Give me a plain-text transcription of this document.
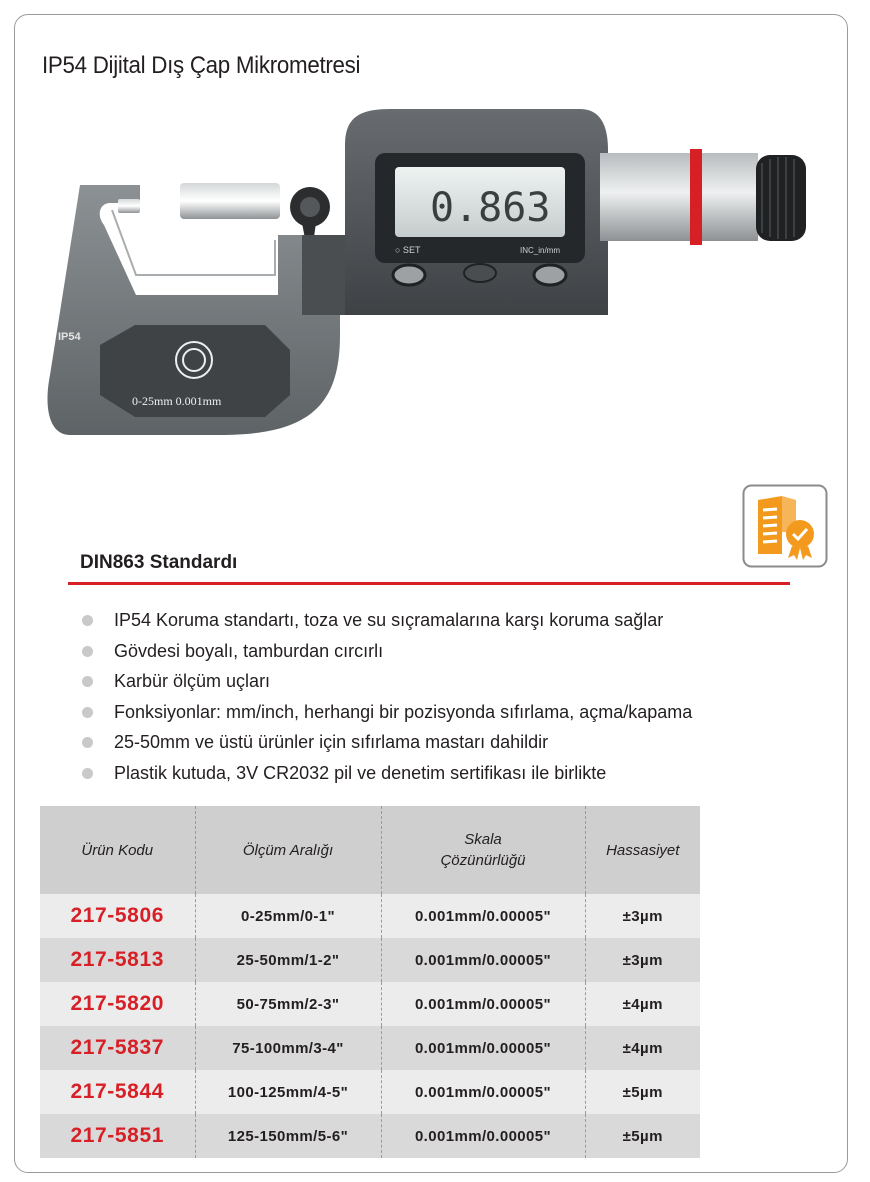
IP54 Dijital Dış Çap Mikrometresi
IP54
0-25mm 0.001mm
0.863
○ SET	INC_in/mm
DIN863 Standardı
IP54 Koruma standartı, toza ve su sıçramalarına karşı koruma sağlar
Gövdesi boyalı, tamburdan cırcırlı
Karbür ölçüm uçları
Fonksiyonlar: mm/inch, herhangi bir pozisyonda sıfırlama, açma/kapama
25-50mm ve üstü ürünler için sıfırlama mastarı dahildir
Plastik kutuda, 3V CR2032 pil ve denetim sertifikası ile birlikte
Ürün Kodu	Ölçüm Aralığı	Skala
Çözünürlüğü	Hassasiyet
217-5806	0-25mm/0-1"	0.001mm/0.00005"	±3µm
217-5813	25-50mm/1-2"	0.001mm/0.00005"	±3µm
217-5820	50-75mm/2-3"	0.001mm/0.00005"	±4µm
217-5837	75-100mm/3-4"	0.001mm/0.00005"	±4µm
217-5844	100-125mm/4-5"	0.001mm/0.00005"	±5µm
217-5851	125-150mm/5-6"	0.001mm/0.00005"	±5µm
